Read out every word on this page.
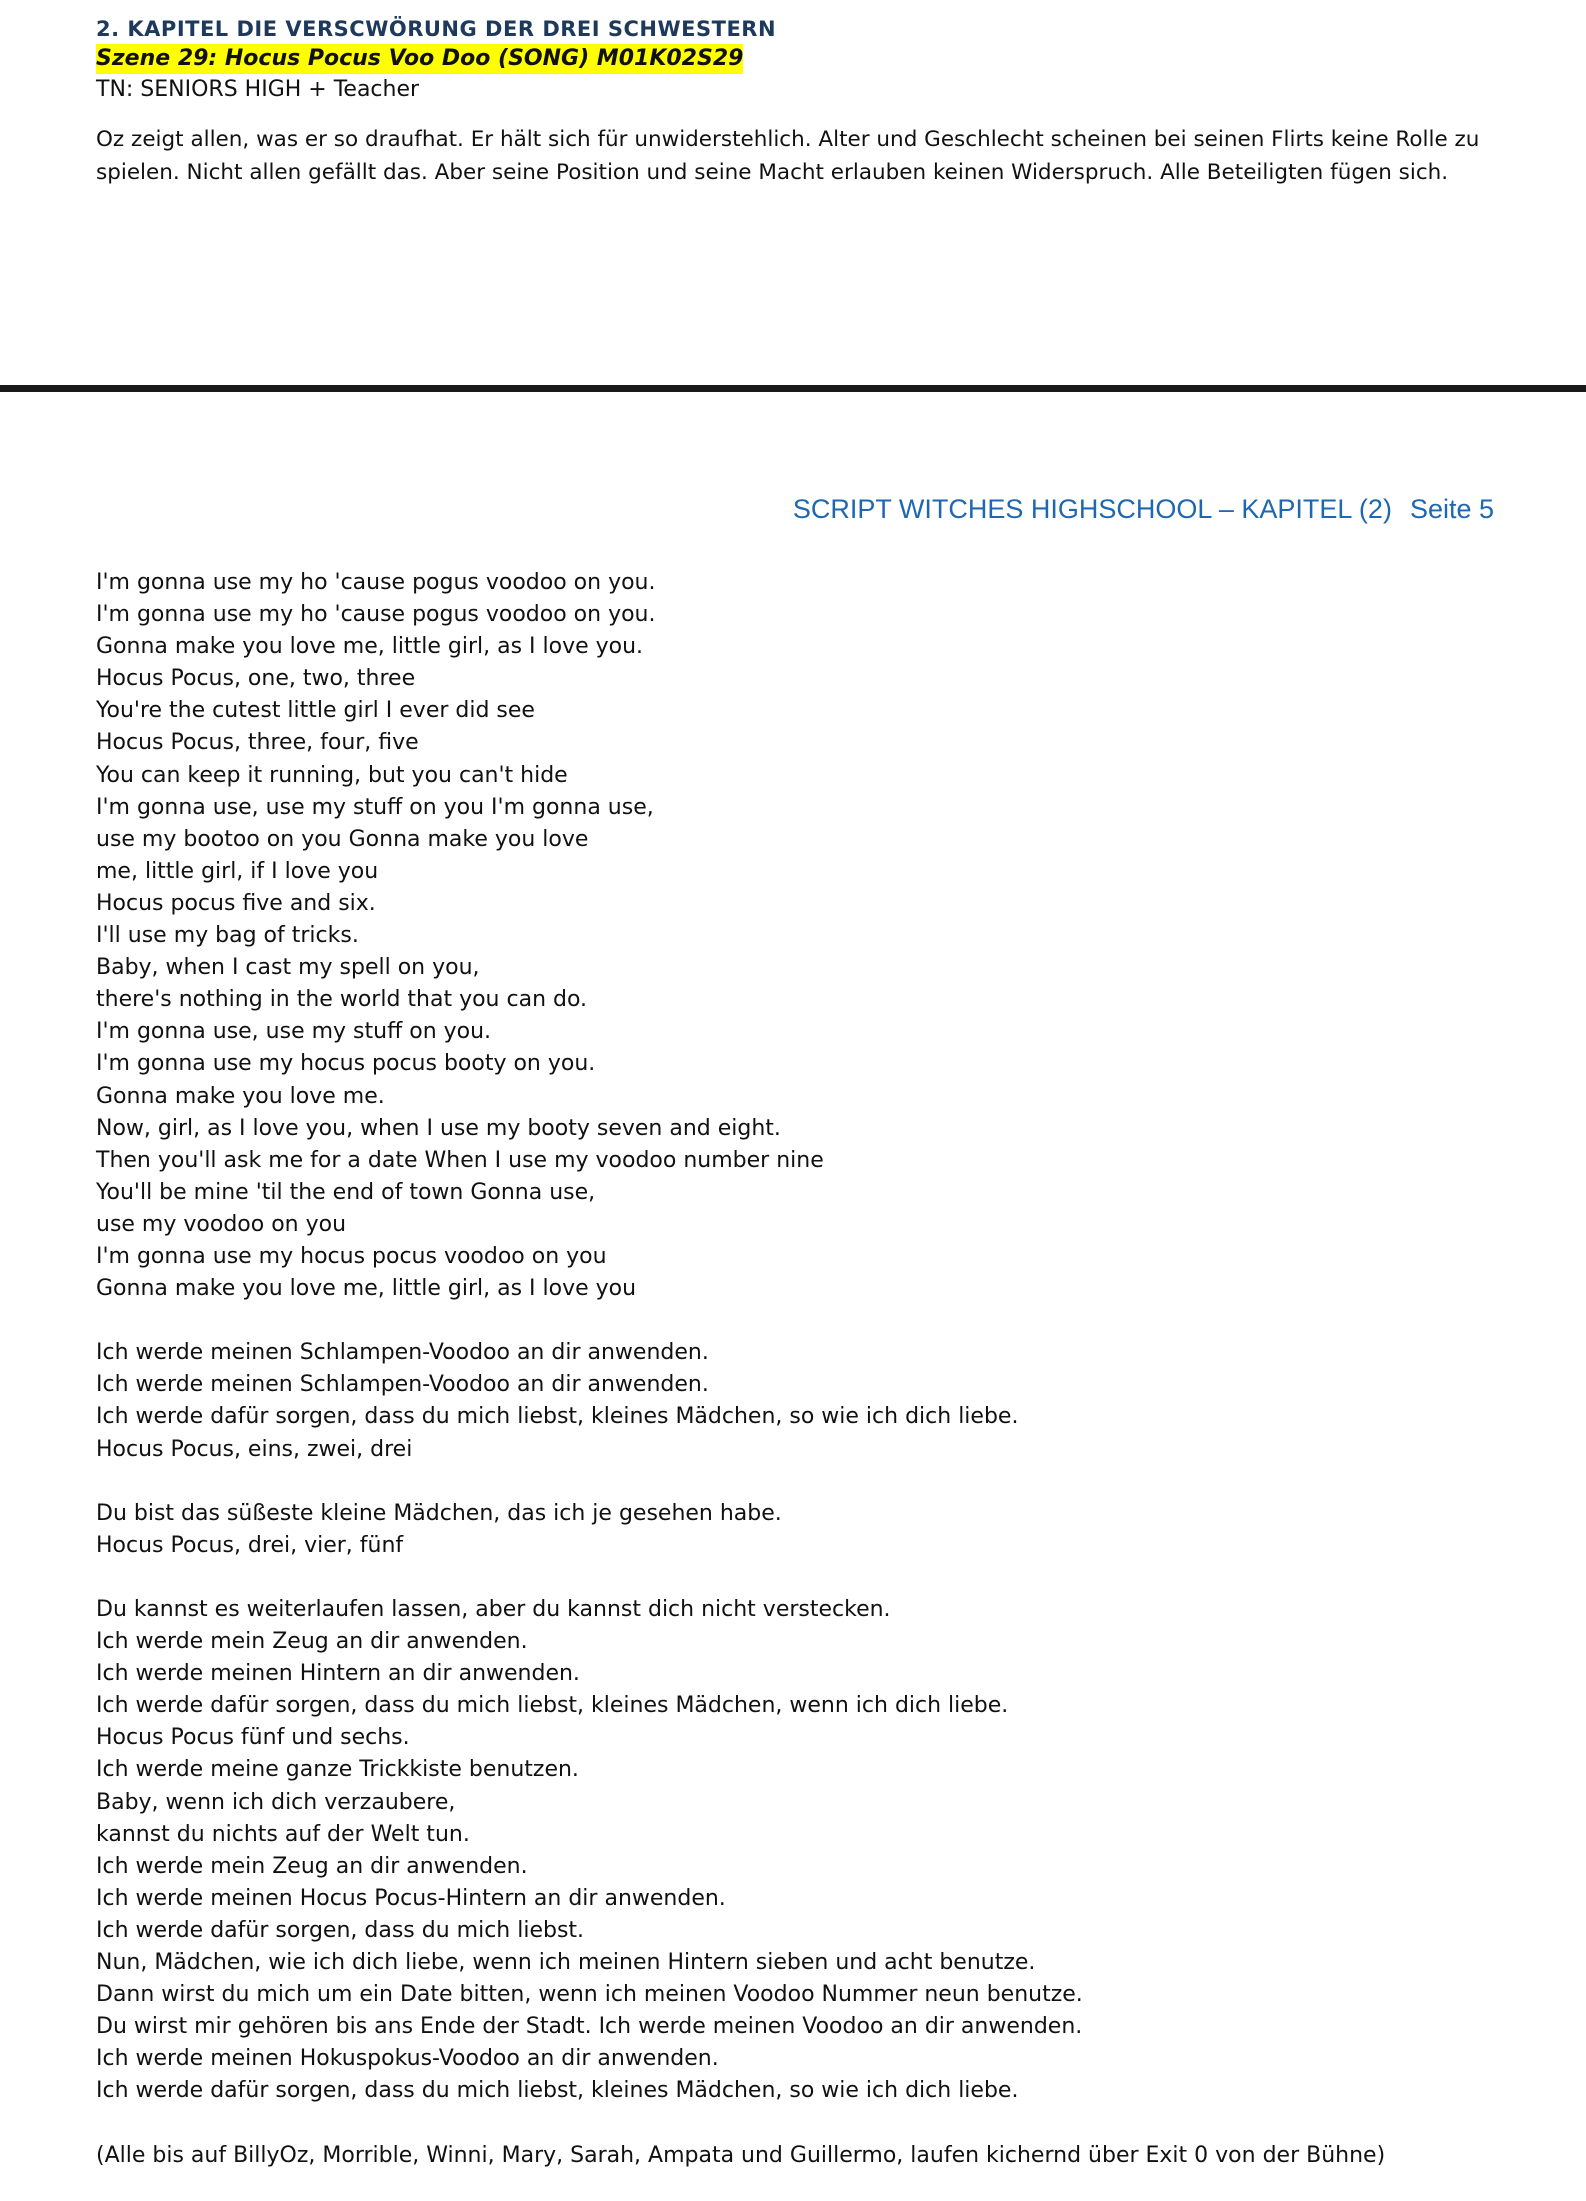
2. KAPITEL DIE VERSCWÖRUNG DER DREI SCHWESTERN
Szene 29: Hocus Pocus Voo Doo (SONG) M01K02S29
TN: SENIORS HIGH + Teacher
Oz zeigt allen, was er so draufhat. Er hält sich für unwiderstehlich. Alter und Geschlecht scheinen bei seinen Flirts keine Rolle zu spielen. Nicht allen gefällt das. Aber seine Position und seine Macht erlauben keinen Widerspruch. Alle Beteiligten fügen sich.
SCRIPT WITCHES HIGHSCHOOL – KAPITEL (2) Seite 5
I'm gonna use my ho 'cause pogus voodoo on you.
I'm gonna use my ho 'cause pogus voodoo on you.
Gonna make you love me, little girl, as I love you.
Hocus Pocus, one, two, three
You're the cutest little girl I ever did see
Hocus Pocus, three, four, five
You can keep it running, but you can't hide
I'm gonna use, use my stuff on you I'm gonna use,
use my bootoo on you Gonna make you love
me, little girl, if I love you
Hocus pocus five and six.
I'll use my bag of tricks.
Baby, when I cast my spell on you,
there's nothing in the world that you can do.
I'm gonna use, use my stuff on you.
I'm gonna use my hocus pocus booty on you.
Gonna make you love me.
Now, girl, as I love you, when I use my booty seven and eight.
Then you'll ask me for a date When I use my voodoo number nine
You'll be mine 'til the end of town Gonna use,
use my voodoo on you
I'm gonna use my hocus pocus voodoo on you
Gonna make you love me, little girl, as I love you
Ich werde meinen Schlampen-Voodoo an dir anwenden.
Ich werde meinen Schlampen-Voodoo an dir anwenden.
Ich werde dafür sorgen, dass du mich liebst, kleines Mädchen, so wie ich dich liebe.
Hocus Pocus, eins, zwei, drei
Du bist das süßeste kleine Mädchen, das ich je gesehen habe.
Hocus Pocus, drei, vier, fünf
Du kannst es weiterlaufen lassen, aber du kannst dich nicht verstecken.
Ich werde mein Zeug an dir anwenden.
Ich werde meinen Hintern an dir anwenden.
Ich werde dafür sorgen, dass du mich liebst, kleines Mädchen, wenn ich dich liebe.
Hocus Pocus fünf und sechs.
Ich werde meine ganze Trickkiste benutzen.
Baby, wenn ich dich verzaubere,
kannst du nichts auf der Welt tun.
Ich werde mein Zeug an dir anwenden.
Ich werde meinen Hocus Pocus-Hintern an dir anwenden.
Ich werde dafür sorgen, dass du mich liebst.
Nun, Mädchen, wie ich dich liebe, wenn ich meinen Hintern sieben und acht benutze.
Dann wirst du mich um ein Date bitten, wenn ich meinen Voodoo Nummer neun benutze.
Du wirst mir gehören bis ans Ende der Stadt. Ich werde meinen Voodoo an dir anwenden.
Ich werde meinen Hokuspokus-Voodoo an dir anwenden.
Ich werde dafür sorgen, dass du mich liebst, kleines Mädchen, so wie ich dich liebe.
(Alle bis auf BillyOz, Morrible, Winni, Mary, Sarah, Ampata und Guillermo, laufen kichernd über Exit 0 von der Bühne)
